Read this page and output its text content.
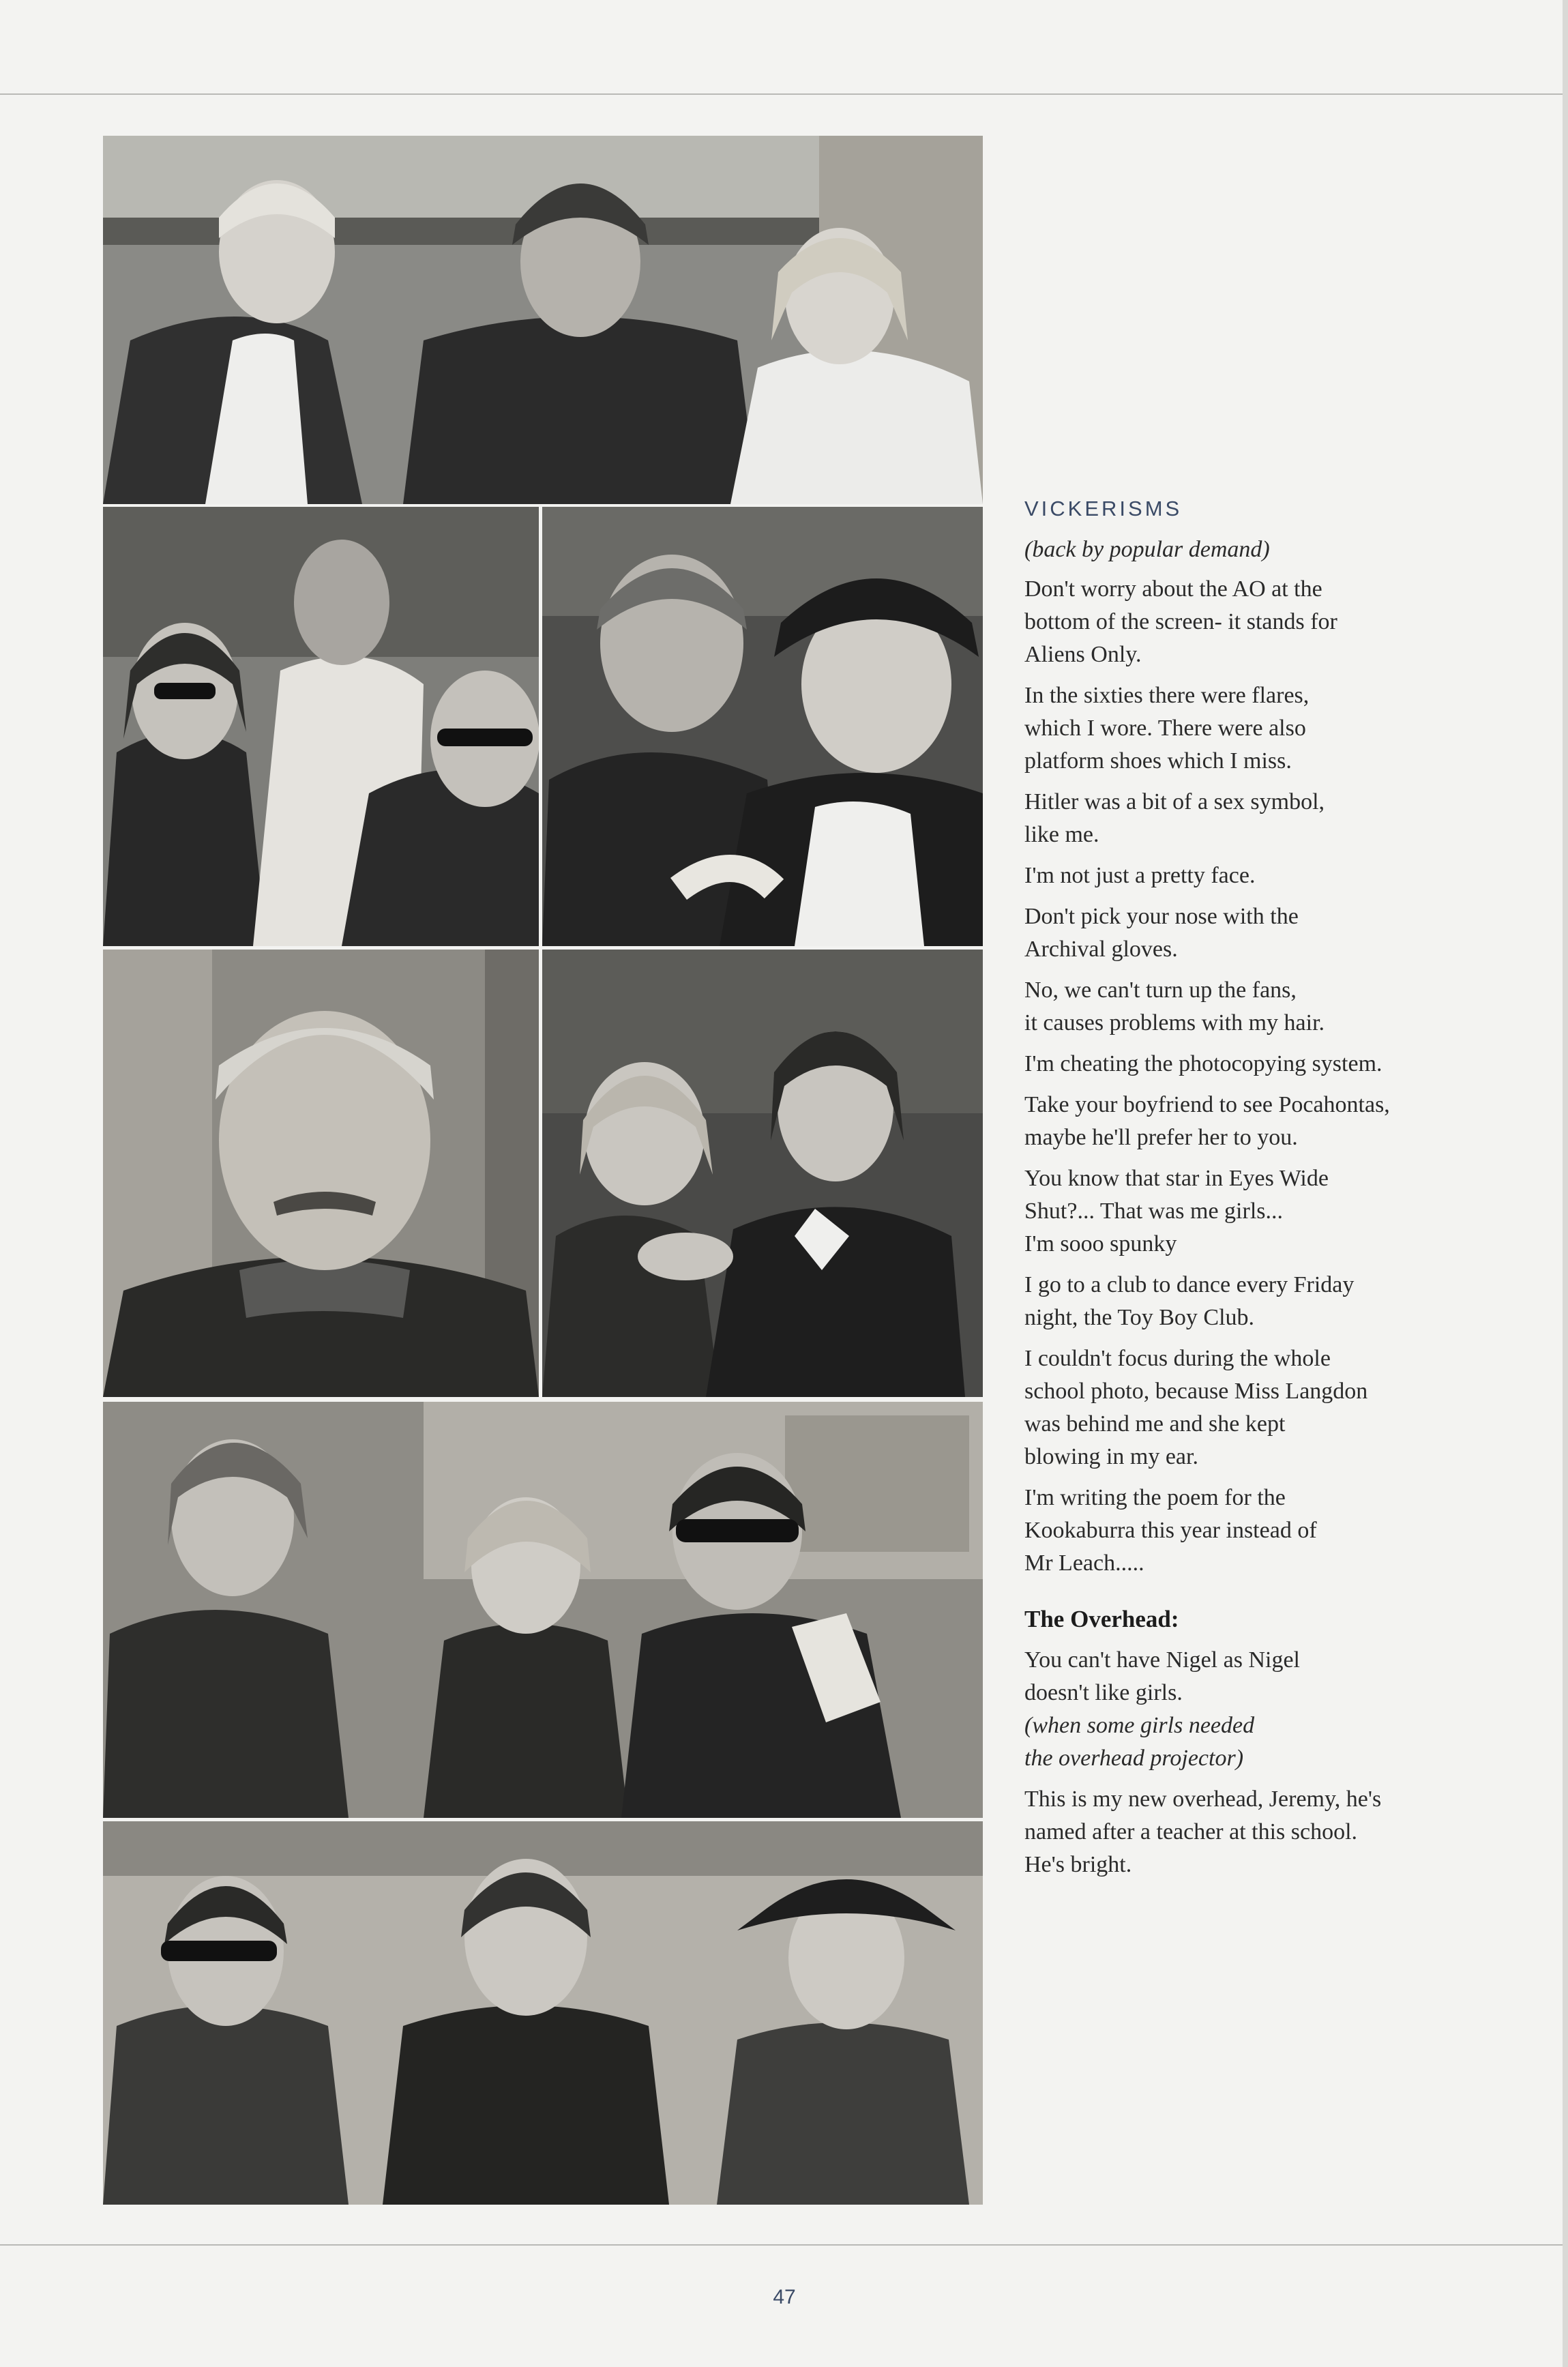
VICKERISMS
(back by popular demand)
Don't worry about the AO at the
bottom of the screen- it stands for
Aliens Only.
In the sixties there were flares,
which I wore. There were also
platform shoes which I miss.
Hitler was a bit of a sex symbol,
like me.
I'm not just a pretty face.
Don't pick your nose with the
Archival gloves.
No, we can't turn up the fans,
it causes problems with my hair.
I'm cheating the photocopying system.
Take your boyfriend to see Pocahontas,
maybe he'll prefer her to you.
You know that star in Eyes Wide
Shut?... That was me girls...
I'm sooo spunky
I go to a club to dance every Friday
night, the Toy Boy Club.
I couldn't focus during the whole
school photo, because Miss Langdon
was behind me and she kept
blowing in my ear.
I'm writing the poem for the
Kookaburra this year instead of
Mr Leach.....
The Overhead:
You can't have Nigel as Nigel
doesn't like girls.
(when some girls needed
the overhead projector)
This is my new overhead, Jeremy, he's
named after a teacher at this school.
He's bright.
47
